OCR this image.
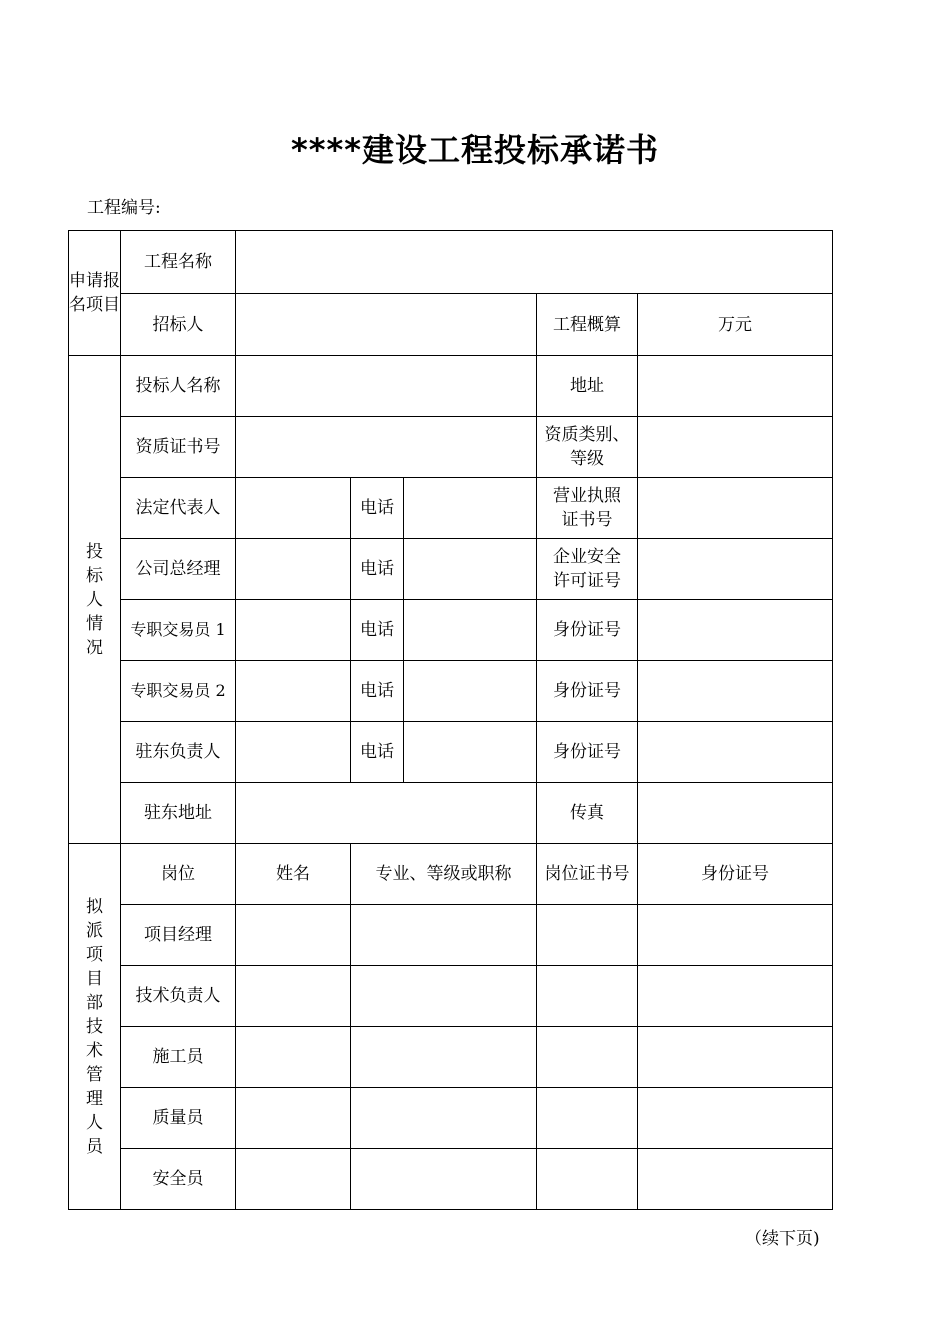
****建设工程投标承诺书
工程编号:
申请报名项目	工程名称					
	招标人				工程概算	万元
投标人情况	投标人名称				地址	
	资质证书号				资质类别、等级	
	法定代表人		电话		营业执照证书号	
	公司总经理		电话		企业安全许可证号	
	专职交易员 1		电话		身份证号	
	专职交易员 2		电话		身份证号	
	驻东负责人		电话		身份证号	
	驻东地址				传真	
拟派项目部技术管理人员	岗位	姓名	专业、等级或职称		岗位证书号	身份证号
	项目经理					
	技术负责人					
	施工员					
	质量员					
	安全员					
（续下页)
